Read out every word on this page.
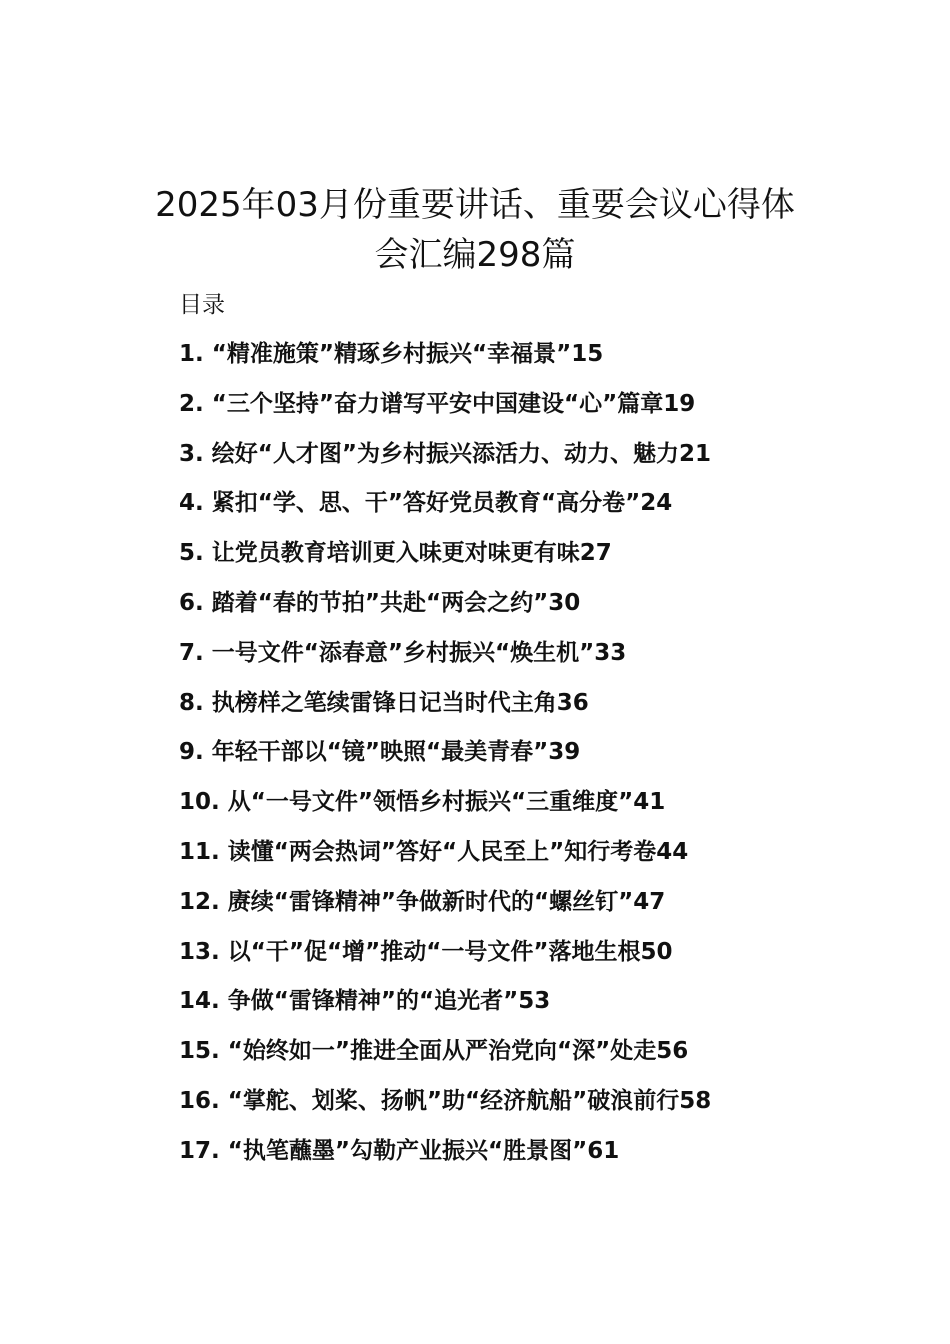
2025年03月份重要讲话、重要会议心得体
会汇编298篇
目录
1. “精准施策”精琢乡村振兴“幸福景”15
2. “三个坚持”奋力谱写平安中国建设“心”篇章19
3. 绘好“人才图”为乡村振兴添活力、动力、魅力21
4. 紧扣“学、思、干”答好党员教育“高分卷”24
5. 让党员教育培训更入味更对味更有味27
6. 踏着“春的节拍”共赴“两会之约”30
7. 一号文件“添春意”乡村振兴“焕生机”33
8. 执榜样之笔续雷锋日记当时代主角36
9. 年轻干部以“镜”映照“最美青春”39
10. 从“一号文件”领悟乡村振兴“三重维度”41
11. 读懂“两会热词”答好“人民至上”知行考卷44
12. 赓续“雷锋精神”争做新时代的“螺丝钉”47
13. 以“干”促“增”推动“一号文件”落地生根50
14. 争做“雷锋精神”的“追光者”53
15. “始终如一”推进全面从严治党向“深”处走56
16. “掌舵、划桨、扬帆”助“经济航船”破浪前行58
17. “执笔蘸墨”勾勒产业振兴“胜景图”61
